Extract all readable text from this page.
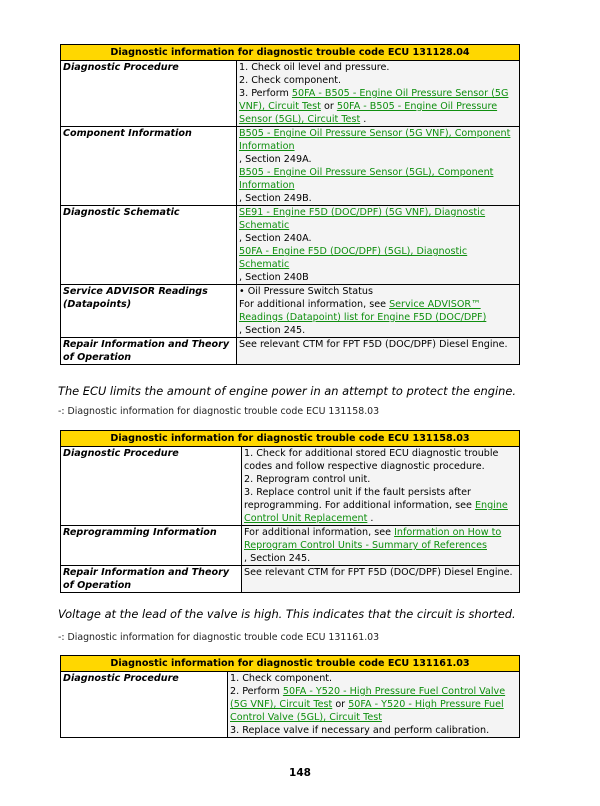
Diagnostic information for diagnostic trouble code ECU 131128.04	
Diagnostic Procedure	1. Check oil level and pressure.
2. Check component.
3. Perform 50FA - B505 - Engine Oil Pressure Sensor (5G VNF), Circuit Test or 50FA - B505 - Engine Oil Pressure Sensor (5GL), Circuit Test .

Component Information	B505 - Engine Oil Pressure Sensor (5G VNF), Component Information
, Section 249A.
B505 - Engine Oil Pressure Sensor (5GL), Component Information
, Section 249B.

Diagnostic Schematic	SE91 - Engine F5D (DOC/DPF) (5G VNF), Diagnostic Schematic
, Section 240A.
50FA - Engine F5D (DOC/DPF) (5GL), Diagnostic Schematic
, Section 240B

Service ADVISOR Readings (Datapoints)	• Oil Pressure Switch Status
For additional information, see Service ADVISOR™ Readings (Datapoint) list for Engine F5D (DOC/DPF)
, Section 245.

Repair Information and Theory of Operation	See relevant CTM for FPT F5D (DOC/DPF) Diesel Engine.
The ECU limits the amount of engine power in an attempt to protect the engine.
Diagnostic information for diagnostic trouble code ECU 131158.03	
Diagnostic Procedure	1. Check for additional stored ECU diagnostic trouble codes and follow respective diagnostic procedure.
2. Reprogram control unit.
3. Replace control unit if the fault persists after reprogramming. For additional information, see Engine Control Unit Replacement .

Reprogramming Information	For additional information, see Information on How to Reprogram Control Units - Summary of References
, Section 245.

Repair Information and Theory of Operation	See relevant CTM for FPT F5D (DOC/DPF) Diesel Engine.
Voltage at the lead of the valve is high. This indicates that the circuit is shorted.
-: Diagnostic information for diagnostic trouble code ECU 131161.03
-: Diagnostic information for diagnostic trouble code ECU 131158.03
Diagnostic information for diagnostic trouble code ECU 131161.03
Diagnostic Procedure	1. Check component.
2. Perform 50FA - Y520 - High Pressure Fuel Control Valve (5G VNF), Circuit Test or 50FA - Y520 - High Pressure Fuel Control Valve (5GL), Circuit Test
3. Replace valve if necessary and perform calibration.
148
